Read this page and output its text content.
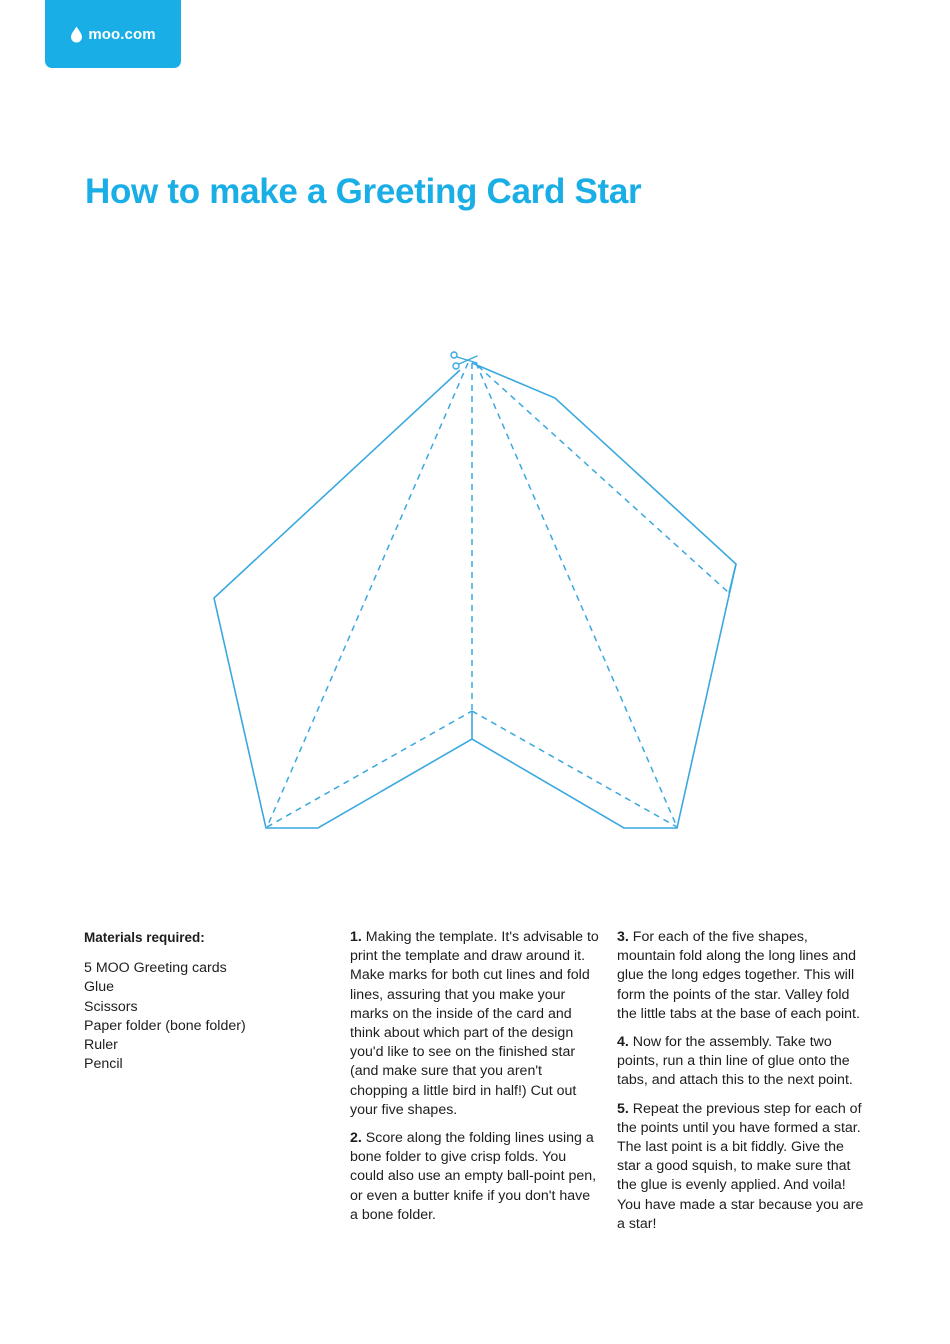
moo.com
How to make a Greeting Card Star

Materials required:

5 MOO Greeting cards
Glue
Scissors
Paper folder (bone folder)
Ruler
Pencil

1. Making the template. It's advisable to print the template and draw around it. Make marks for both cut lines and fold lines, assuring that you make your marks on the inside of the card and think about which part of the design you'd like to see on the finished star (and make sure that you aren't chopping a little bird in half!) Cut out your five shapes.

2. Score along the folding lines using a bone folder to give crisp folds. You could also use an empty ball-point pen, or even a butter knife if you don't have a bone folder.

3. For each of the five shapes, mountain fold along the long lines and glue the long edges together. This will form the points of the star. Valley fold the little tabs at the base of each point.

4. Now for the assembly. Take two points, run a thin line of glue onto the tabs, and attach this to the next point.

5. Repeat the previous step for each of the points until you have formed a star. The last point is a bit fiddly. Give the star a good squish, to make sure that the glue is evenly applied. And voila! You have made a star because you are a star!
